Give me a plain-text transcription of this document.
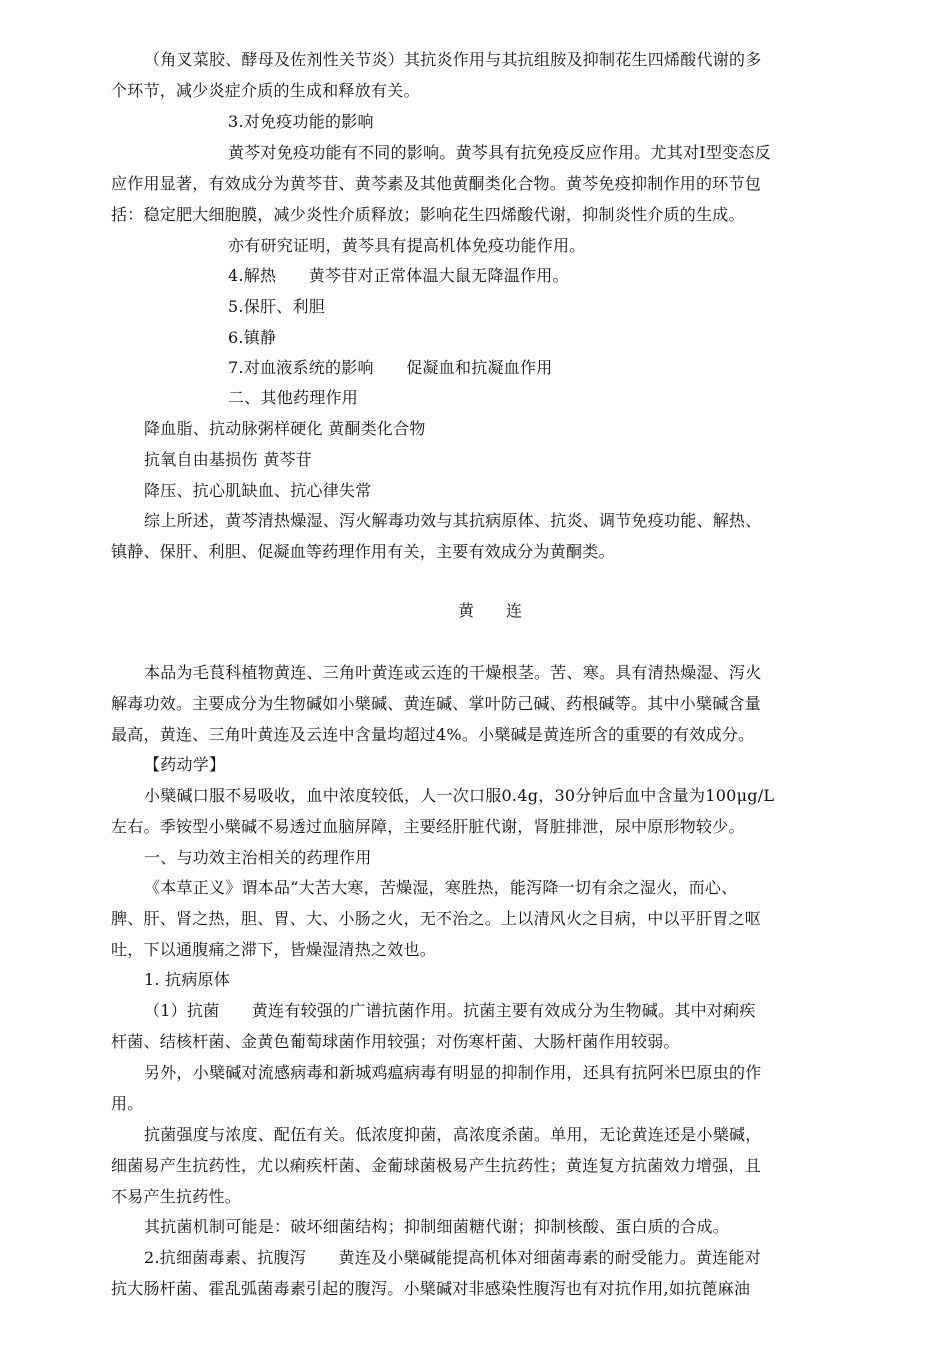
（角叉菜胶、酵母及佐剂性关节炎）其抗炎作用与其抗组胺及抑制花生四烯酸代谢的多
个环节，减少炎症介质的生成和释放有关。
3.对免疫功能的影响
黄芩对免疫功能有不同的影响。黄芩具有抗免疫反应作用。尤其对Ⅰ型变态反
应作用显著，有效成分为黄芩苷、黄芩素及其他黄酮类化合物。黄芩免疫抑制作用的环节包
括：稳定肥大细胞膜，减少炎性介质释放；影响花生四烯酸代谢，抑制炎性介质的生成。
亦有研究证明，黄芩具有提高机体免疫功能作用。
4.解热　　黄芩苷对正常体温大鼠无降温作用。
5.保肝、利胆
6.镇静
7.对血液系统的影响　　促凝血和抗凝血作用
二、其他药理作用
降血脂、抗动脉粥样硬化 黄酮类化合物
抗氧自由基损伤 黄芩苷
降压、抗心肌缺血、抗心律失常
综上所述，黄芩清热燥湿、泻火解毒功效与其抗病原体、抗炎、调节免疫功能、解热、
镇静、保肝、利胆、促凝血等药理作用有关，主要有效成分为黄酮类。
黄　　连
本品为毛茛科植物黄连、三角叶黄连或云连的干燥根茎。苦、寒。具有清热燥湿、泻火
解毒功效。主要成分为生物碱如小檗碱、黄连碱、掌叶防己碱、药根碱等。其中小檗碱含量
最高，黄连、三角叶黄连及云连中含量均超过4%。小檗碱是黄连所含的重要的有效成分。
【药动学】
小檗碱口服不易吸收，血中浓度较低，人一次口服0.4g，30分钟后血中含量为100μg/L
左右。季铵型小檗碱不易透过血脑屏障，主要经肝脏代谢，肾脏排泄，尿中原形物较少。
一、与功效主治相关的药理作用
《本草正义》谓本品“大苦大寒，苦燥湿，寒胜热，能泻降一切有余之湿火，而心、
脾、肝、肾之热，胆、胃、大、小肠之火，无不治之。上以清风火之目病，中以平肝胃之呕
吐，下以通腹痛之滞下，皆燥湿清热之效也。
1. 抗病原体
（1）抗菌　　黄连有较强的广谱抗菌作用。抗菌主要有效成分为生物碱。其中对痢疾
杆菌、结核杆菌、金黄色葡萄球菌作用较强；对伤寒杆菌、大肠杆菌作用较弱。
另外，小檗碱对流感病毒和新城鸡瘟病毒有明显的抑制作用，还具有抗阿米巴原虫的作
用。
抗菌强度与浓度、配伍有关。低浓度抑菌，高浓度杀菌。单用，无论黄连还是小檗碱，
细菌易产生抗药性，尤以痢疾杆菌、金葡球菌极易产生抗药性；黄连复方抗菌效力增强，且
不易产生抗药性。
其抗菌机制可能是：破坏细菌结构；抑制细菌糖代谢；抑制核酸、蛋白质的合成。
2.抗细菌毒素、抗腹泻　　黄连及小檗碱能提高机体对细菌毒素的耐受能力。黄连能对
抗大肠杆菌、霍乱弧菌毒素引起的腹泻。小檗碱对非感染性腹泻也有对抗作用,如抗蓖麻油
